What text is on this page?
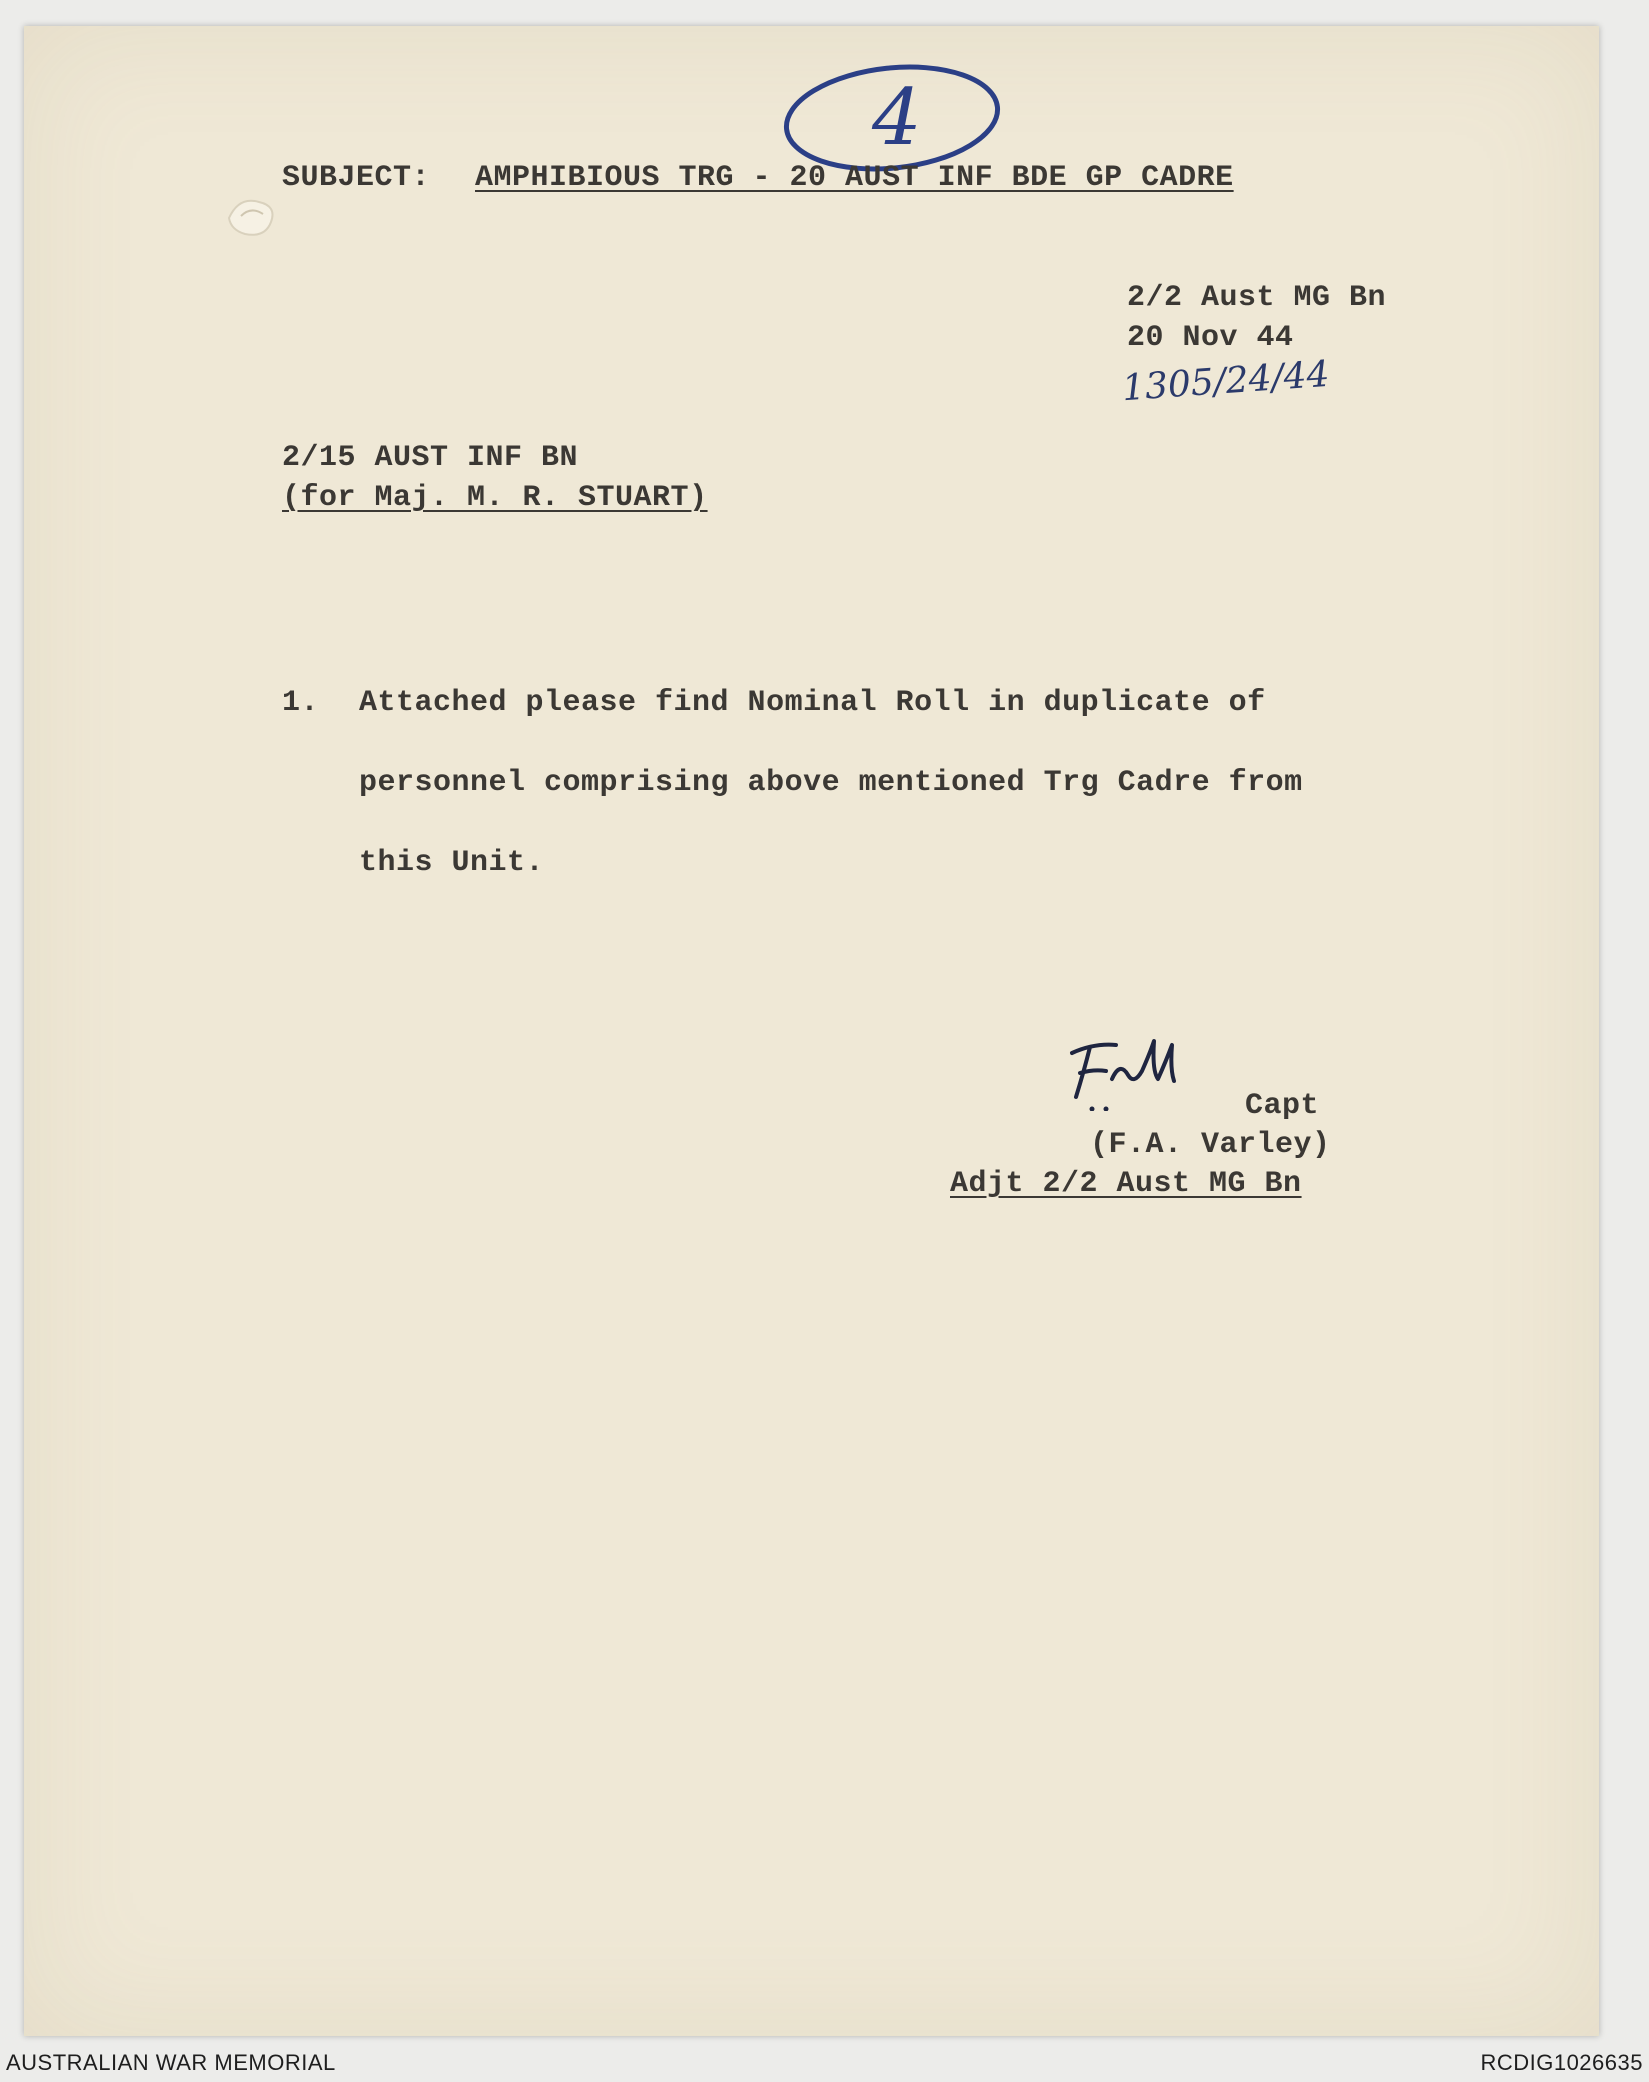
4
SUBJECT: AMPHIBIOUS TRG - 20 AUST INF BDE GP CADRE
2/2 Aust MG Bn
20 Nov 44
1305/24/44
2/15 AUST INF BN
(for Maj. M. R. STUART)
1. Attached please find Nominal Roll in duplicate of
personnel comprising above mentioned Trg Cadre from
this Unit.
Capt
(F.A. Varley)
Adjt 2/2 Aust MG Bn
AUSTRALIAN WAR MEMORIAL	RCDIG1026635
